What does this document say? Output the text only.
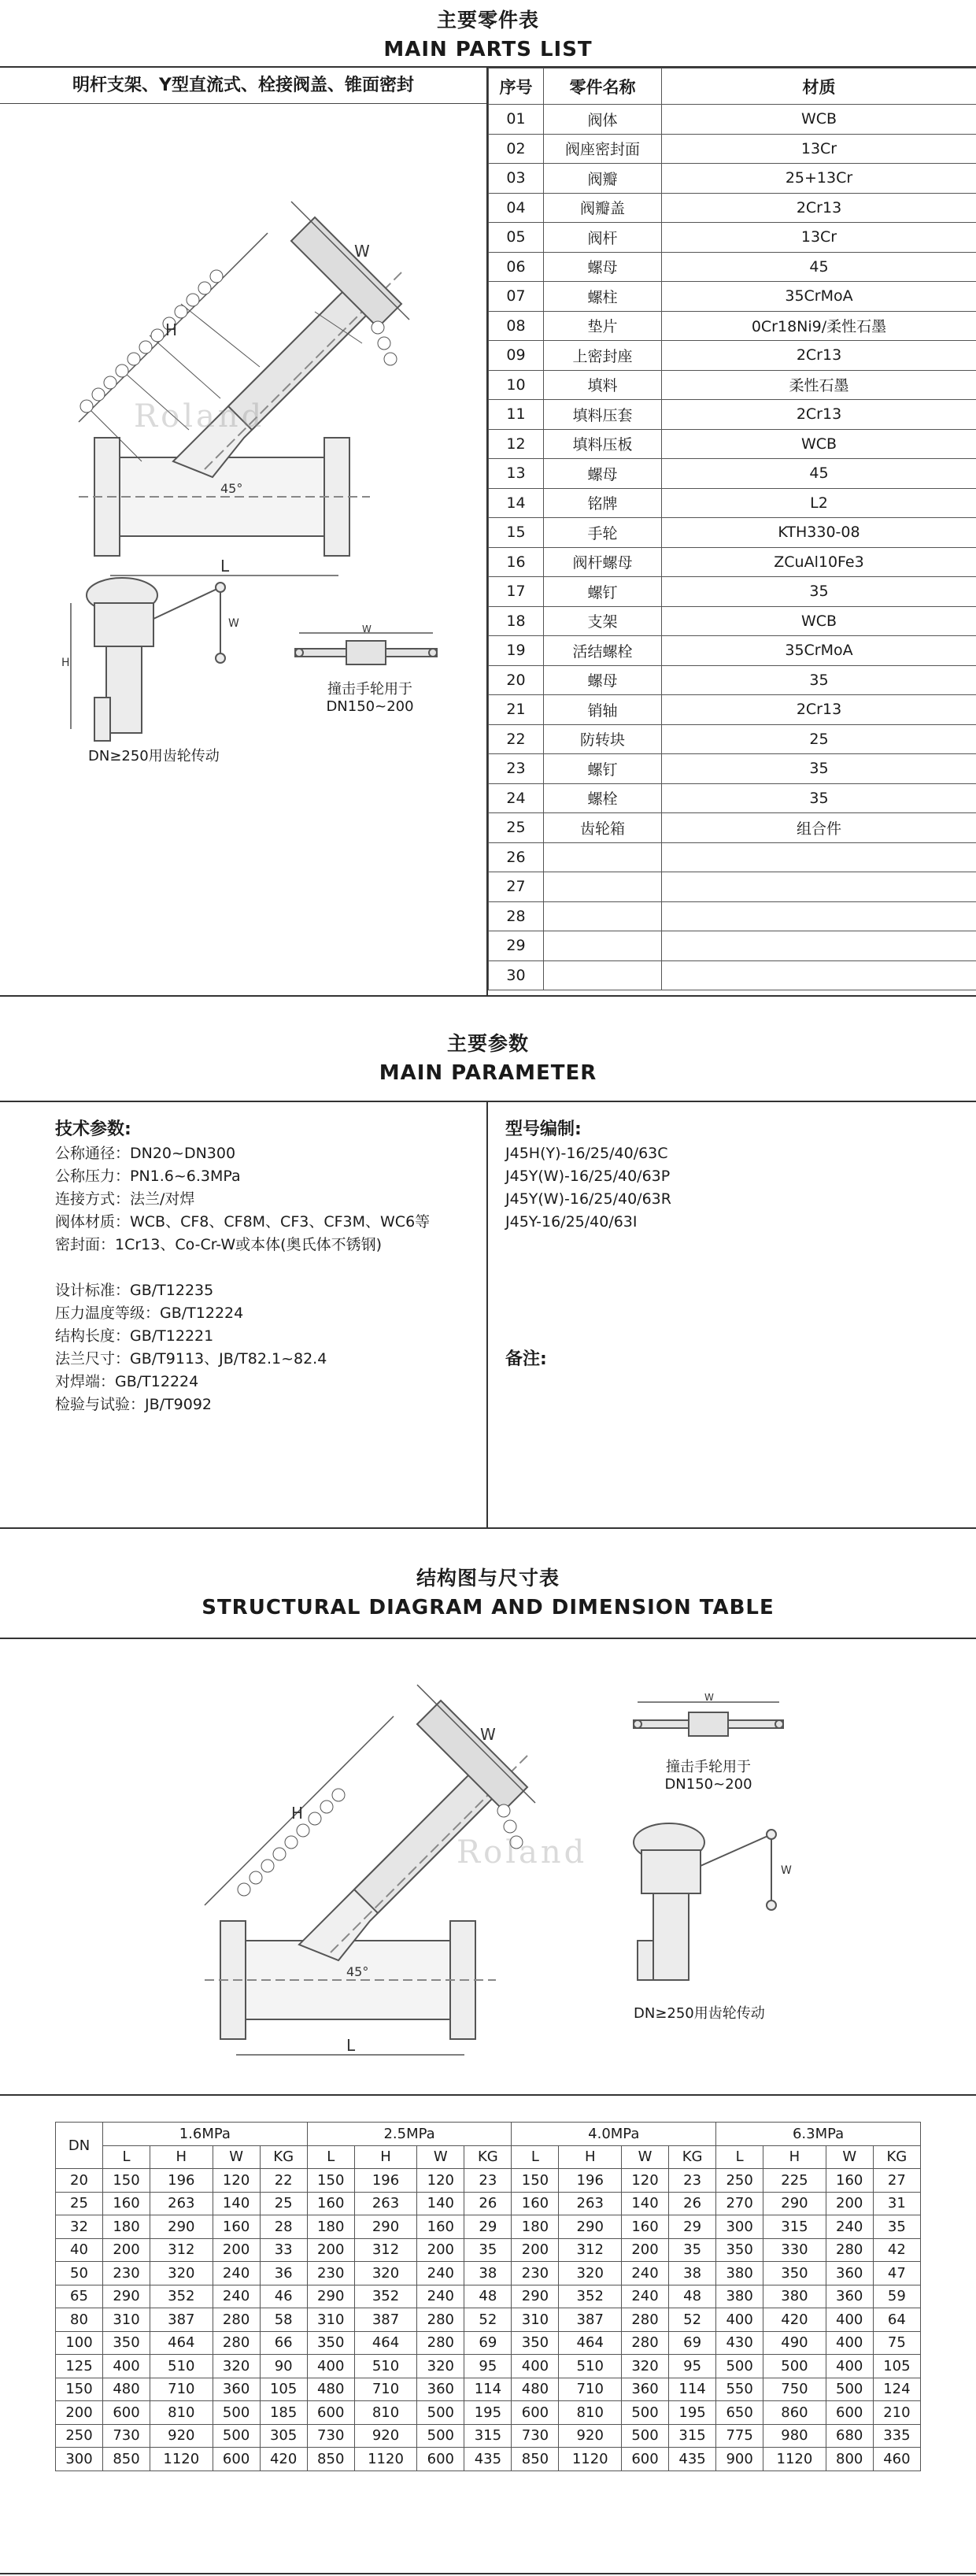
主要零件表
MAIN PARTS LIST
明杆支架、Y型直流式、栓接阀盖、锥面密封
H
W
L
45°
Roland
H
W
DN≥250用齿轮传动
W
撞击手轮用于
DN150~200
序号	零件名称	材质
01	阀体	WCB
02	阀座密封面	13Cr
03	阀瓣	25+13Cr
04	阀瓣盖	2Cr13
05	阀杆	13Cr
06	螺母	45
07	螺柱	35CrMoA
08	垫片	0Cr18Ni9/柔性石墨
09	上密封座	2Cr13
10	填料	柔性石墨
11	填料压套	2Cr13
12	填料压板	WCB
13	螺母	45
14	铭牌	L2
15	手轮	KTH330-08
16	阀杆螺母	ZCuAl10Fe3
17	螺钉	35
18	支架	WCB
19	活结螺栓	35CrMoA
20	螺母	35
21	销轴	2Cr13
22	防转块	25
23	螺钉	35
24	螺栓	35
25	齿轮箱	组合件
26		
27		
28		
29		
30		
主要参数
MAIN PARAMETER
技术参数:
公称通径：DN20~DN300
公称压力：PN1.6~6.3MPa
连接方式：法兰/对焊
阀体材质：WCB、CF8、CF8M、CF3、CF3M、WC6等
密封面：1Cr13、Co-Cr-W或本体(奥氏体不锈钢)
设计标准：GB/T12235
压力温度等级：GB/T12224
结构长度：GB/T12221
法兰尺寸：GB/T9113、JB/T82.1~82.4
对焊端：GB/T12224
检验与试验：JB/T9092
型号编制:
J45H(Y)-16/25/40/63C
J45Y(W)-16/25/40/63P
J45Y(W)-16/25/40/63R
J45Y-16/25/40/63I
备注:
结构图与尺寸表
STRUCTURAL DIAGRAM AND DIMENSION TABLE
H
W
L
45°
Roland
W
撞击手轮用于
DN150~200
W
DN≥250用齿轮传动
DN	1.6MPa				2.5MPa				4.0MPa				6.3MPa			
	L	H	W	KG	L	H	W	KG	L	H	W	KG	L	H	W	KG
20	150	196	120	22	150	196	120	23	150	196	120	23	250	225	160	27
25	160	263	140	25	160	263	140	26	160	263	140	26	270	290	200	31
32	180	290	160	28	180	290	160	29	180	290	160	29	300	315	240	35
40	200	312	200	33	200	312	200	35	200	312	200	35	350	330	280	42
50	230	320	240	36	230	320	240	38	230	320	240	38	380	350	360	47
65	290	352	240	46	290	352	240	48	290	352	240	48	380	380	360	59
80	310	387	280	58	310	387	280	52	310	387	280	52	400	420	400	64
100	350	464	280	66	350	464	280	69	350	464	280	69	430	490	400	75
125	400	510	320	90	400	510	320	95	400	510	320	95	500	500	400	105
150	480	710	360	105	480	710	360	114	480	710	360	114	550	750	500	124
200	600	810	500	185	600	810	500	195	600	810	500	195	650	860	600	210
250	730	920	500	305	730	920	500	315	730	920	500	315	775	980	680	335
300	850	1120	600	420	850	1120	600	435	850	1120	600	435	900	1120	800	460
